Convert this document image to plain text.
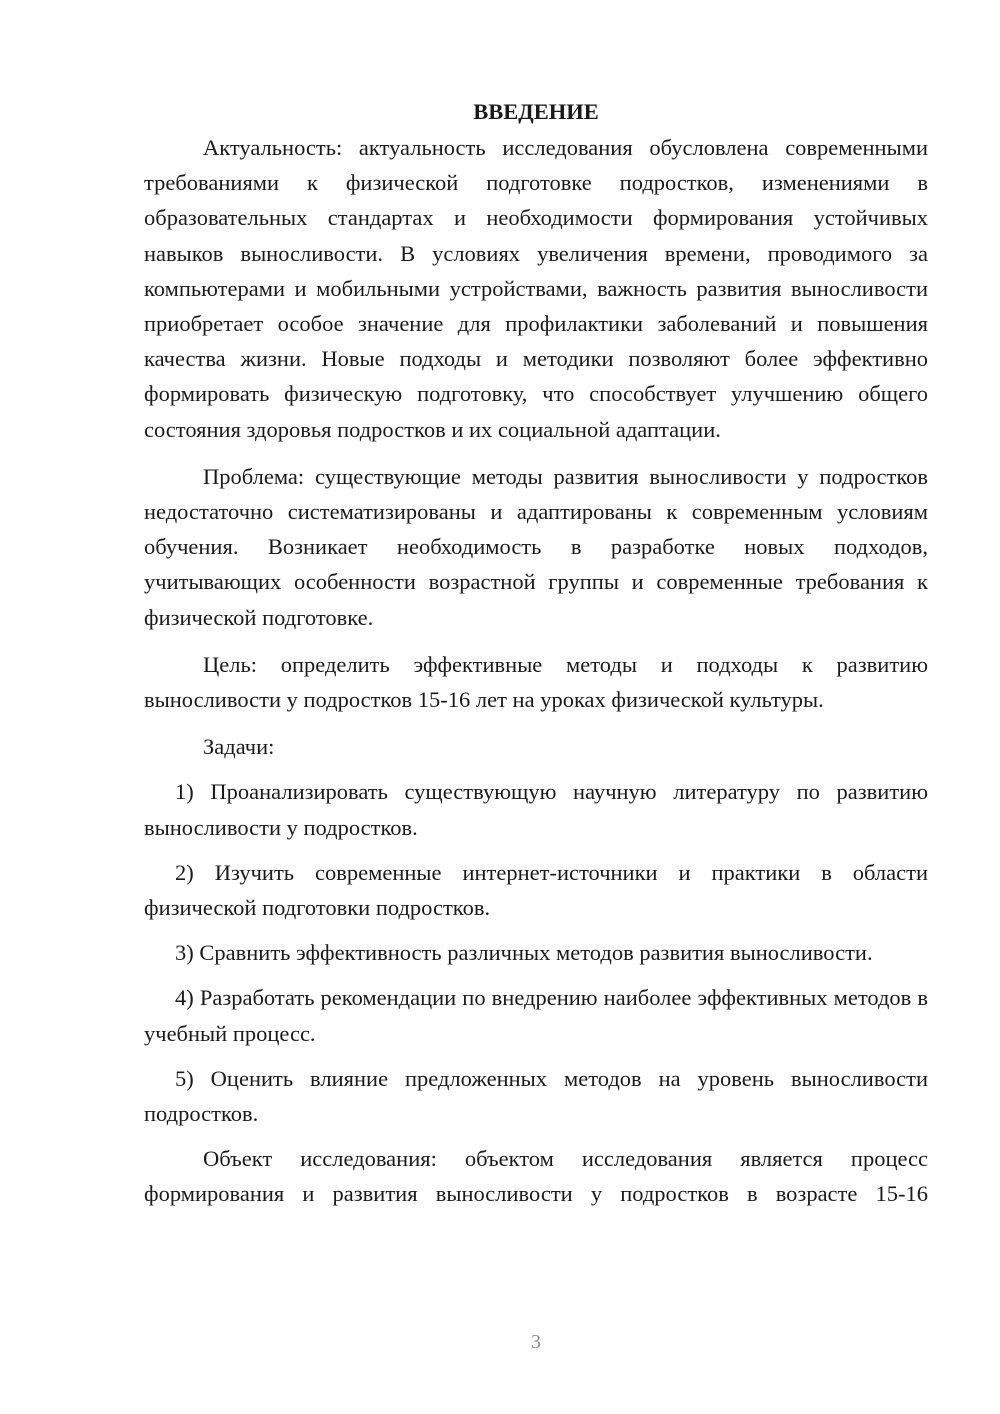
ВВЕДЕНИЕ

Актуальность: актуальность исследования обусловлена современными требованиями к физической подготовке подростков, изменениями в образовательных стандартах и необходимости формирования устойчивых навыков выносливости. В условиях увеличения времени, проводимого за компьютерами и мобильными устройствами, важность развития выносливости приобретает особое значение для профилактики заболеваний и повышения качества жизни. Новые подходы и методики позволяют более эффективно формировать физическую подготовку, что способствует улучшению общего состояния здоровья подростков и их социальной адаптации.

Проблема: существующие методы развития выносливости у подростков недостаточно систематизированы и адаптированы к современным условиям обучения. Возникает необходимость в разработке новых подходов, учитывающих особенности возрастной группы и современные требования к физической подготовке.

Цель: определить эффективные методы и подходы к развитию выносливости у подростков 15-16 лет на уроках физической культуры.

Задачи:

1) Проанализировать существующую научную литературу по развитию выносливости у подростков.

2) Изучить современные интернет-источники и практики в области физической подготовки подростков.

3) Сравнить эффективность различных методов развития выносливости.

4) Разработать рекомендации по внедрению наиболее эффективных методов в учебный процесс.

5) Оценить влияние предложенных методов на уровень выносливости подростков.

Объект исследования: объектом исследования является процесс формирования и развития выносливости у подростков в возрасте 15-16

3
